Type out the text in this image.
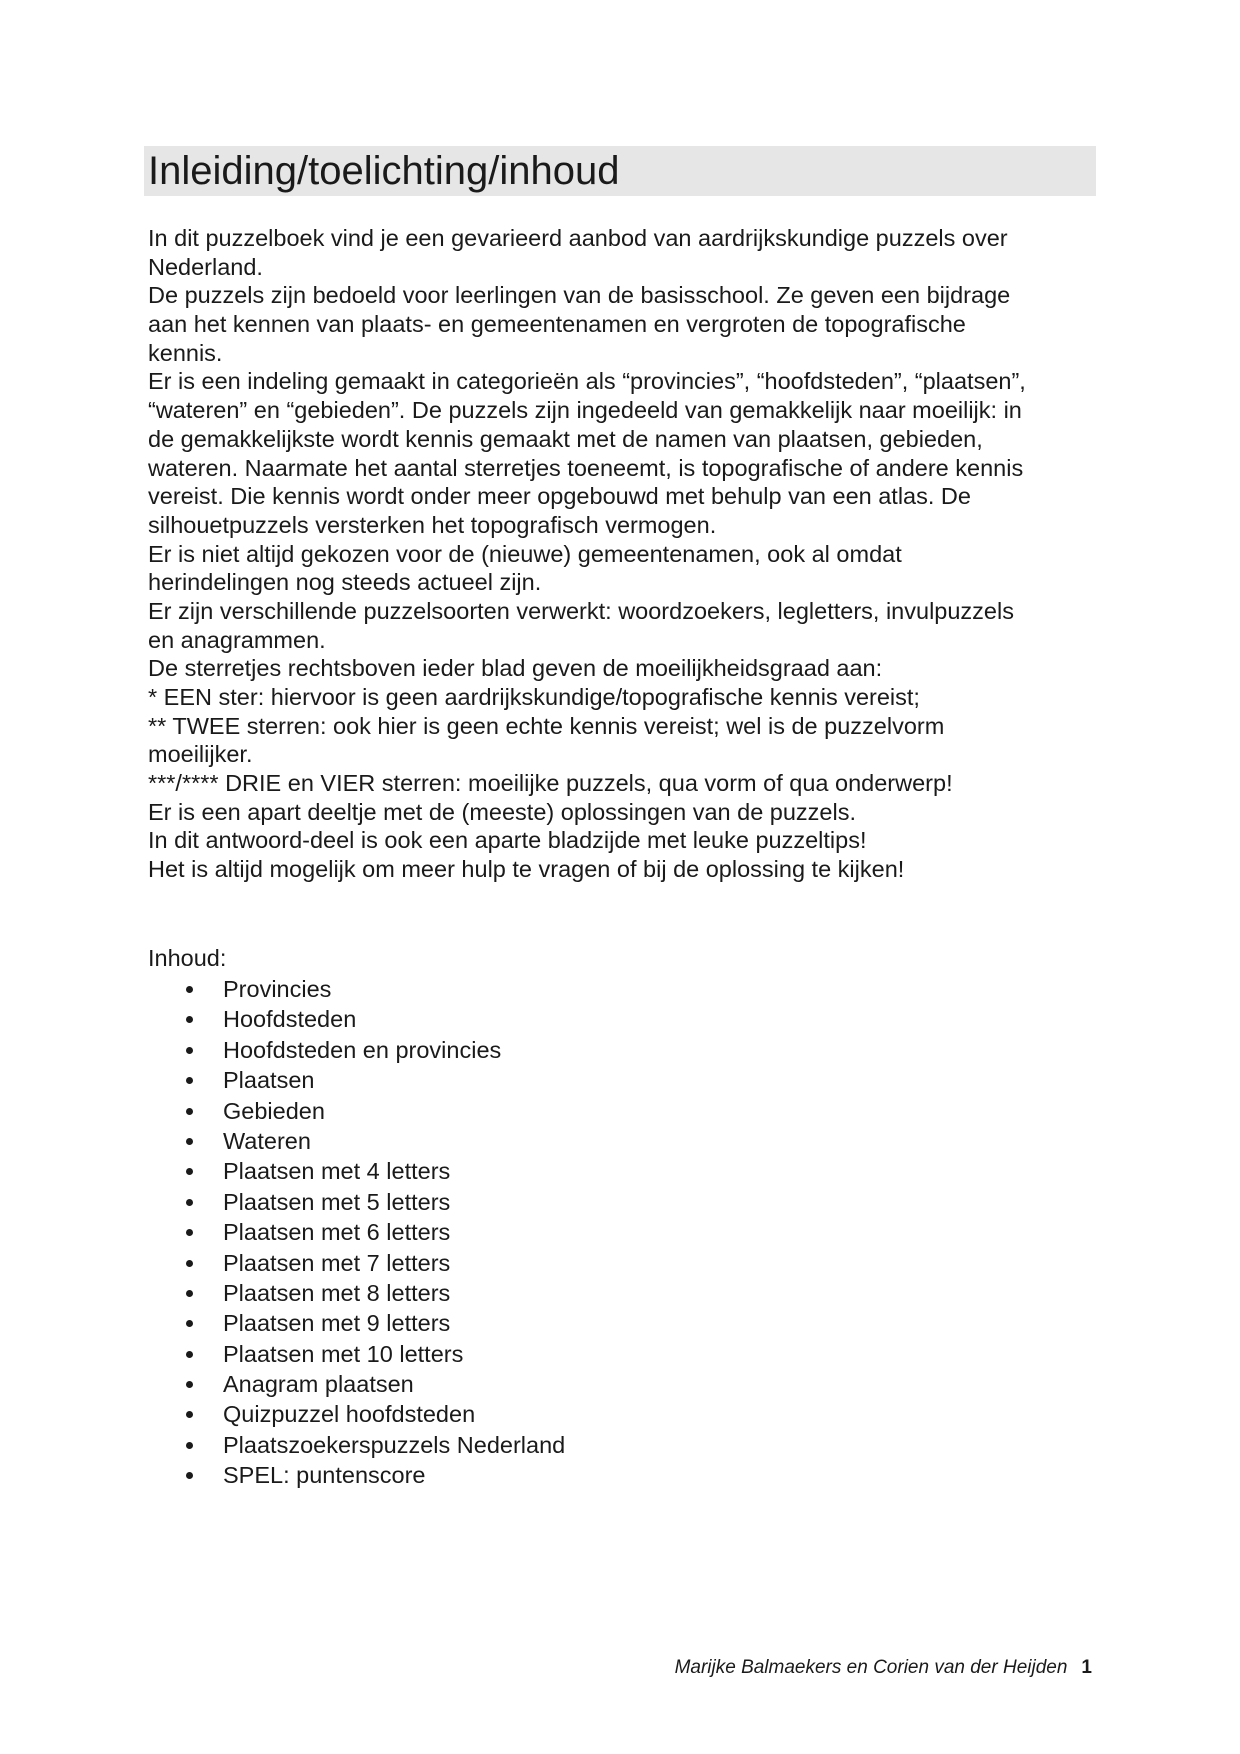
Inleiding/toelichting/inhoud
In dit puzzelboek vind je een gevarieerd aanbod van aardrijkskundige puzzels over
Nederland.
De puzzels zijn bedoeld voor leerlingen van de basisschool. Ze geven een bijdrage
aan het kennen van plaats- en gemeentenamen en vergroten de topografische
kennis.
Er is een indeling gemaakt in categorieën als “provincies”, “hoofdsteden”, “plaatsen”,
“wateren” en “gebieden”. De puzzels zijn ingedeeld van gemakkelijk naar moeilijk: in
de gemakkelijkste wordt kennis gemaakt met de namen van plaatsen, gebieden,
wateren. Naarmate het aantal sterretjes toeneemt, is topografische of andere kennis
vereist. Die kennis wordt onder meer opgebouwd met behulp van een atlas. De
silhouetpuzzels versterken het topografisch vermogen.
Er is niet altijd gekozen voor de (nieuwe) gemeentenamen, ook al omdat
herindelingen nog steeds actueel zijn.
Er zijn verschillende puzzelsoorten verwerkt: woordzoekers, legletters, invulpuzzels
en anagrammen.
De sterretjes rechtsboven ieder blad geven de moeilijkheidsgraad aan:
* EEN ster: hiervoor is geen aardrijkskundige/topografische kennis vereist;
** TWEE sterren: ook hier is geen echte kennis vereist; wel is de puzzelvorm
moeilijker.
***/**** DRIE en VIER sterren: moeilijke puzzels, qua vorm of qua onderwerp!
Er is een apart deeltje met de (meeste) oplossingen van de puzzels.
In dit antwoord-deel is ook een aparte bladzijde met leuke puzzeltips!
Het is altijd mogelijk om meer hulp te vragen of bij de oplossing te kijken!
Inhoud:
Provincies
Hoofdsteden
Hoofdsteden en provincies
Plaatsen
Gebieden
Wateren
Plaatsen met 4 letters
Plaatsen met 5 letters
Plaatsen met 6 letters
Plaatsen met 7 letters
Plaatsen met 8 letters
Plaatsen met 9 letters
Plaatsen met 10 letters
Anagram plaatsen
Quizpuzzel hoofdsteden
Plaatszoekerspuzzels Nederland
SPEL: puntenscore
Marijke Balmaekers en Corien van der Heijden 1
